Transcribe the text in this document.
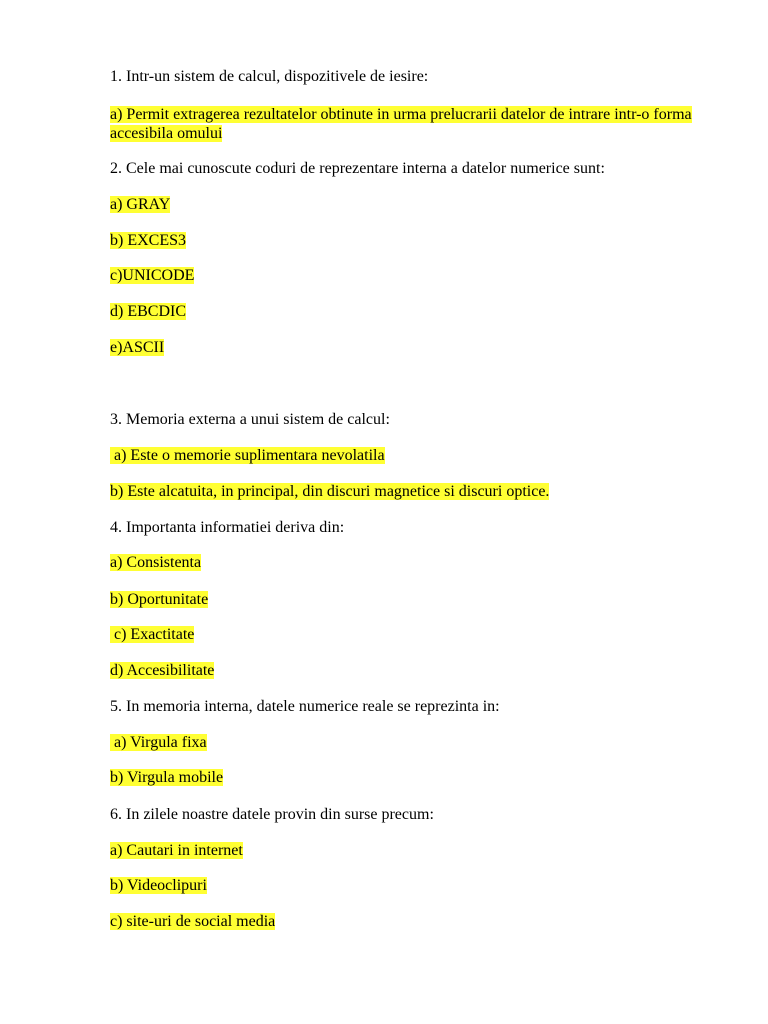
1. Intr-un sistem de calcul, dispozitivele de iesire:
a) Permit extragerea rezultatelor obtinute in urma prelucrarii datelor de intrare intr-o forma accesibila omului
2. Cele mai cunoscute coduri de reprezentare interna a datelor numerice sunt:
a) GRAY
b) EXCES3
c)UNICODE
d) EBCDIC
e)ASCII
3. Memoria externa a unui sistem de calcul:
a) Este o memorie suplimentara nevolatila
b) Este alcatuita, in principal, din discuri magnetice si discuri optice.
4. Importanta informatiei deriva din:
a) Consistenta
b) Oportunitate
c) Exactitate
d) Accesibilitate
5. In memoria interna, datele numerice reale se reprezinta in:
a) Virgula fixa
b) Virgula mobile
6. In zilele noastre datele provin din surse precum:
a) Cautari in internet
b) Videoclipuri
c) site-uri de social media
